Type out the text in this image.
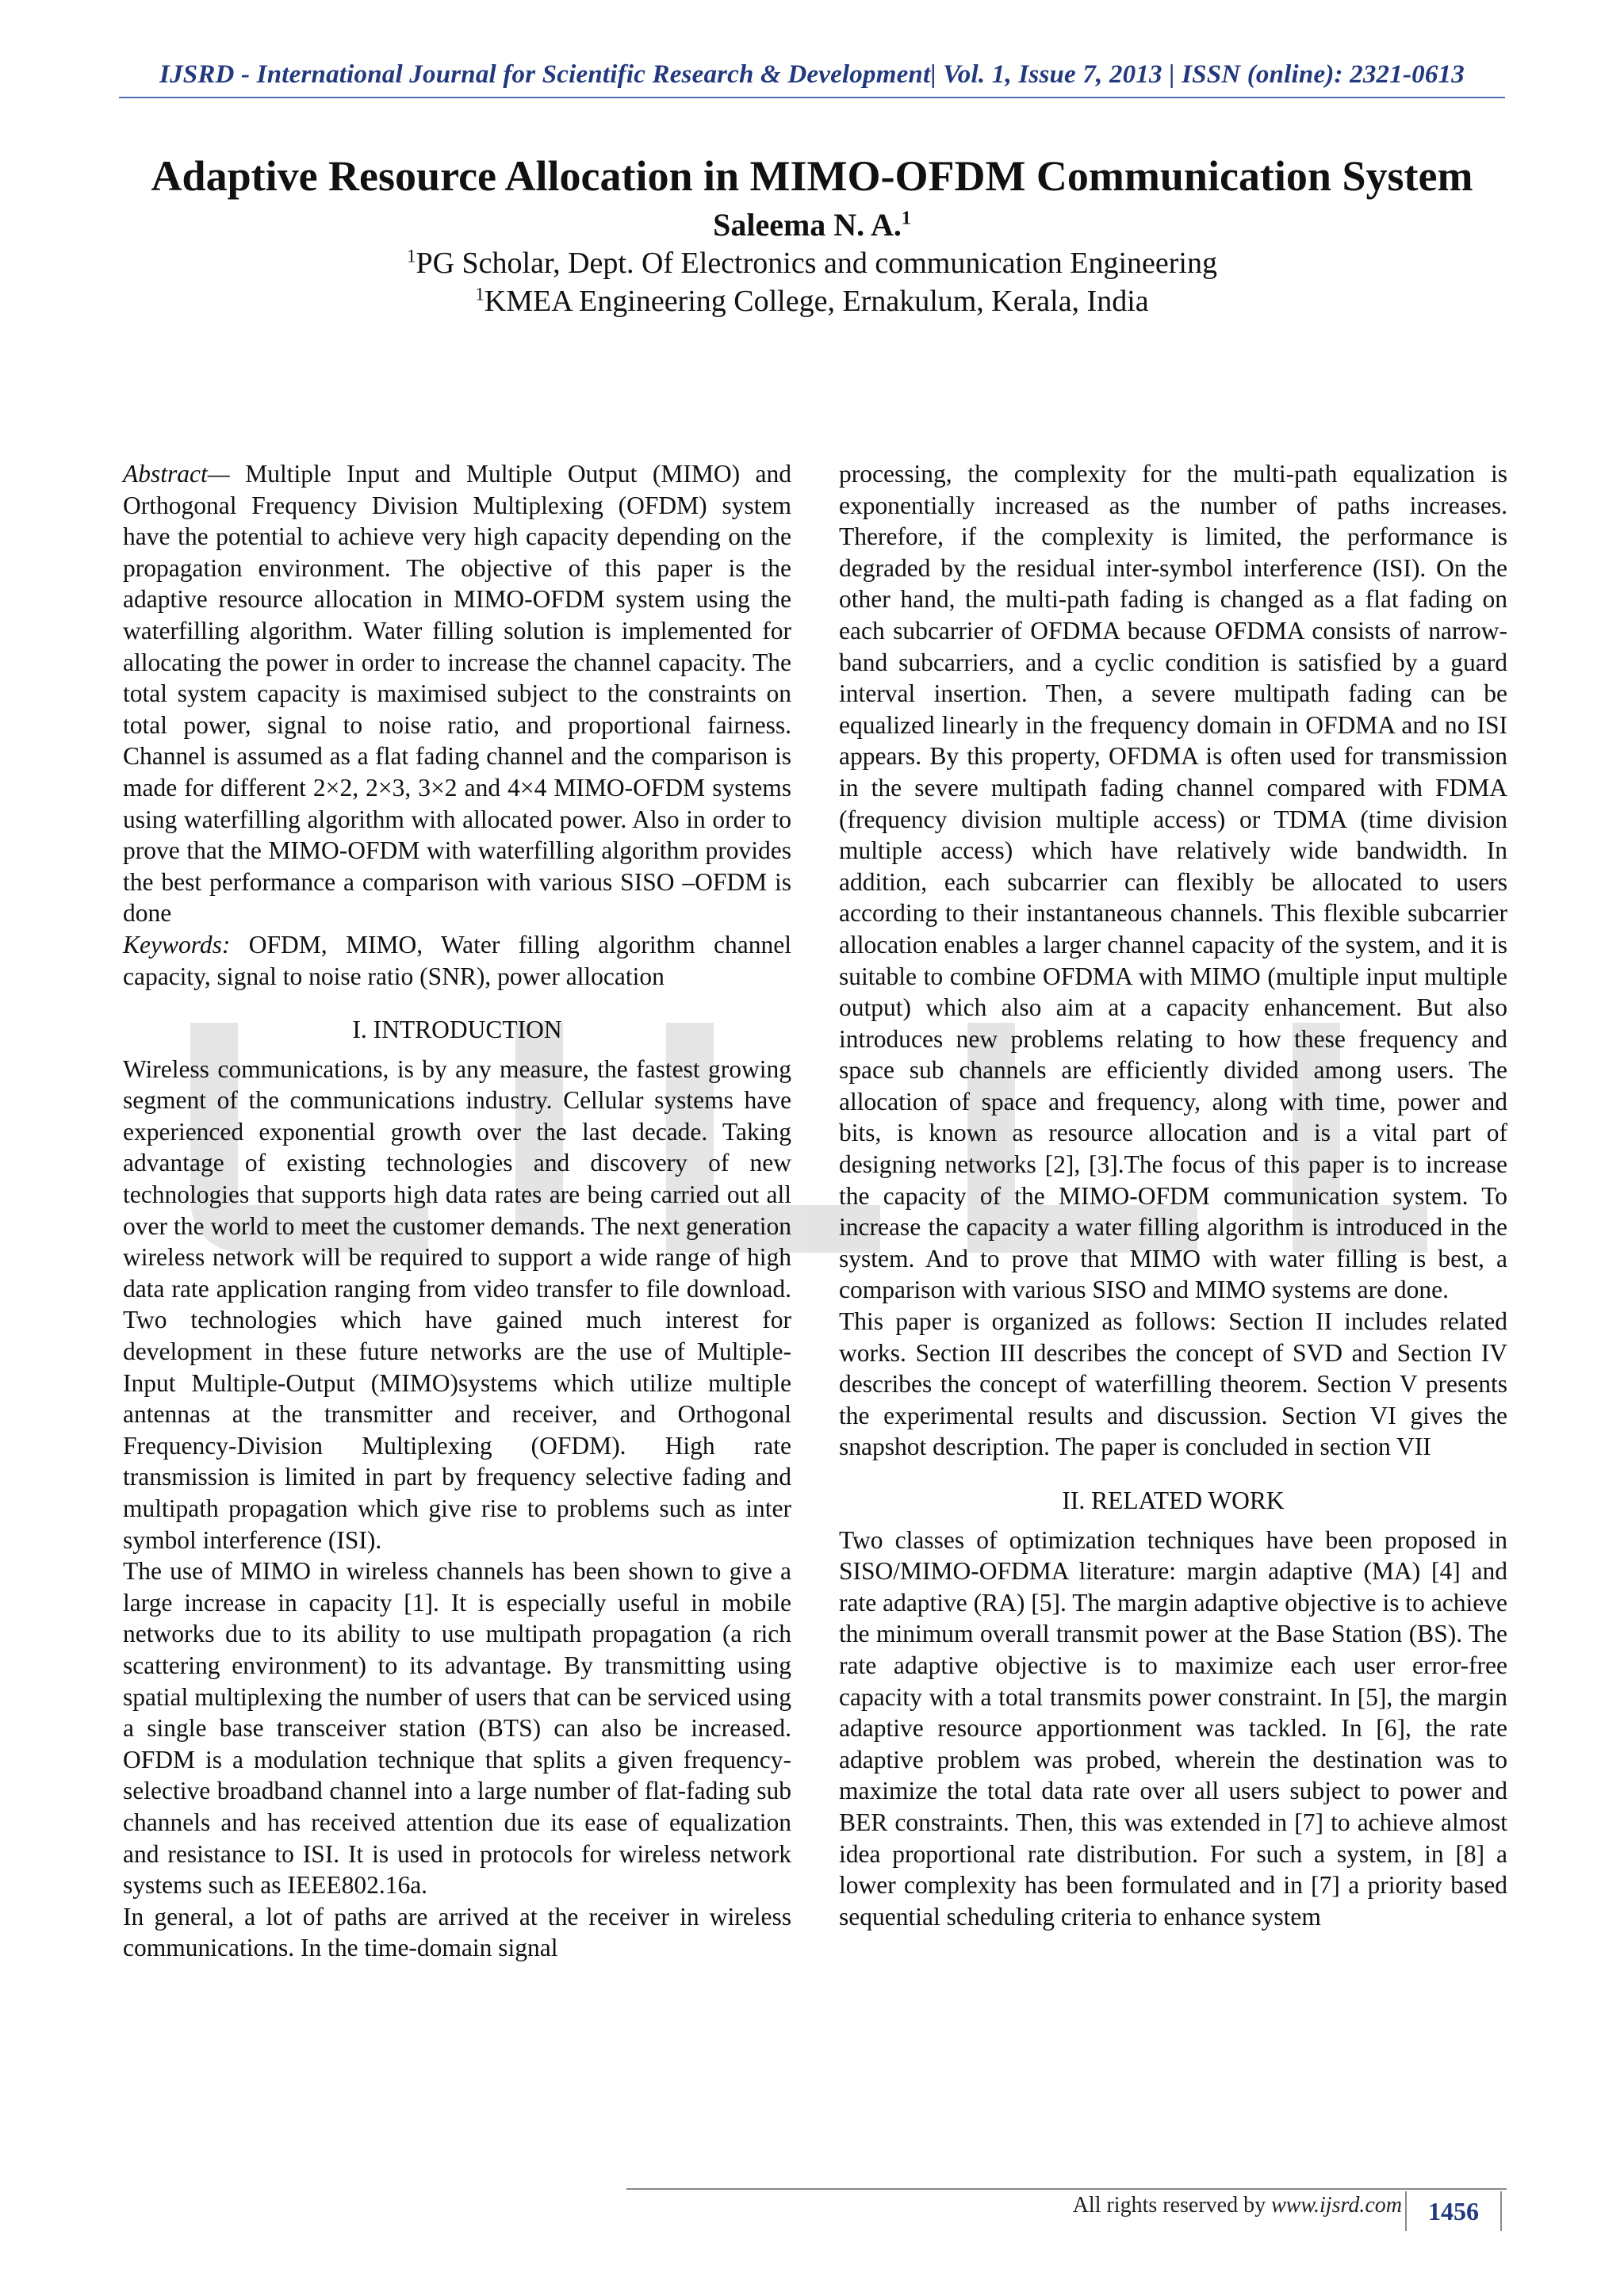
IJSRD - International Journal for Scientific Research & Development| Vol. 1, Issue 7, 2013 | ISSN (online): 2321-0613
Adaptive Resource Allocation in MIMO-OFDM Communication System
Saleema N. A.$^1$
$^1$PG Scholar, Dept. Of Electronics and communication Engineering
$^1$KMEA Engineering College, Ernakulum, Kerala, India

Abstract— Multiple Input and Multiple Output (MIMO) and Orthogonal Frequency Division Multiplexing (OFDM) system have the potential to achieve very high capacity depending on the propagation environment. The objective of this paper is the adaptive resource allocation in MIMO-OFDM system using the waterfilling algorithm. Water filling solution is implemented for allocating the power in order to increase the channel capacity. The total system capacity is maximised subject to the constraints on total power, signal to noise ratio, and proportional fairness. Channel is assumed as a flat fading channel and the comparison is made for different 2×2, 2×3, 3×2 and 4×4 MIMO-OFDM systems using waterfilling algorithm with allocated power. Also in order to prove that the MIMO-OFDM with waterfilling algorithm provides the best performance a comparison with various SISO –OFDM is done

Keywords: OFDM, MIMO, Water filling algorithm channel capacity, signal to noise ratio (SNR), power allocation

I. INTRODUCTION

Wireless communications, is by any measure, the fastest growing segment of the communications industry. Cellular systems have experienced exponential growth over the last decade. Taking advantage of existing technologies and discovery of new technologies that supports high data rates are being carried out all over the world to meet the customer demands. The next generation wireless network will be required to support a wide range of high data rate application ranging from video transfer to file download. Two technologies which have gained much interest for development in these future networks are the use of Multiple-Input Multiple-Output (MIMO)systems which utilize multiple antennas at the transmitter and receiver, and Orthogonal Frequency-Division Multiplexing (OFDM). High rate transmission is limited in part by frequency selective fading and multipath propagation which give rise to problems such as inter symbol interference (ISI).

The use of MIMO in wireless channels has been shown to give a large increase in capacity [1]. It is especially useful in mobile networks due to its ability to use multipath propagation (a rich scattering environment) to its advantage. By transmitting using spatial multiplexing the number of users that can be serviced using a single base transceiver station (BTS) can also be increased. OFDM is a modulation technique that splits a given frequency-selective broadband channel into a large number of flat-fading sub channels and has received attention due its ease of equalization and resistance to ISI. It is used in protocols for wireless network systems such as IEEE802.16a.

In general, a lot of paths are arrived at the receiver in wireless communications. In the time-domain signal

processing, the complexity for the multi-path equalization is exponentially increased as the number of paths increases. Therefore, if the complexity is limited, the performance is degraded by the residual inter-symbol interference (ISI). On the other hand, the multi-path fading is changed as a flat fading on each subcarrier of OFDMA because OFDMA consists of narrow-band subcarriers, and a cyclic condition is satisfied by a guard interval insertion. Then, a severe multipath fading can be equalized linearly in the frequency domain in OFDMA and no ISI appears. By this property, OFDMA is often used for transmission in the severe multipath fading channel compared with FDMA (frequency division multiple access) or TDMA (time division multiple access) which have relatively wide bandwidth. In addition, each subcarrier can flexibly be allocated to users according to their instantaneous channels. This flexible subcarrier allocation enables a larger channel capacity of the system, and it is suitable to combine OFDMA with MIMO (multiple input multiple output) which also aim at a capacity enhancement. But also introduces new problems relating to how these frequency and space sub channels are efficiently divided among users. The allocation of space and frequency, along with time, power and bits, is known as resource allocation and is a vital part of designing networks [2], [3].The focus of this paper is to increase the capacity of the MIMO-OFDM communication system. To increase the capacity a water filling algorithm is introduced in the system. And to prove that MIMO with water filling is best, a comparison with various SISO and MIMO systems are done.

This paper is organized as follows: Section II includes related works. Section III describes the concept of SVD and Section IV describes the concept of waterfilling theorem. Section V presents the experimental results and discussion. Section VI gives the snapshot description. The paper is concluded in section VII

II. RELATED WORK

Two classes of optimization techniques have been proposed in SISO/MIMO-OFDMA literature: margin adaptive (MA) [4] and rate adaptive (RA) [5]. The margin adaptive objective is to achieve the minimum overall transmit power at the Base Station (BS). The rate adaptive objective is to maximize each user error-free capacity with a total transmits power constraint. In [5], the margin adaptive resource apportionment was tackled. In [6], the rate adaptive problem was probed, wherein the destination was to maximize the total data rate over all users subject to power and BER constraints. Then, this was extended in [7] to achieve almost idea proportional rate distribution. For such a system, in [8] a lower complexity has been formulated and in [7] a priority based sequential scheduling criteria to enhance system

All rights reserved by www.ijsrd.com	1456
